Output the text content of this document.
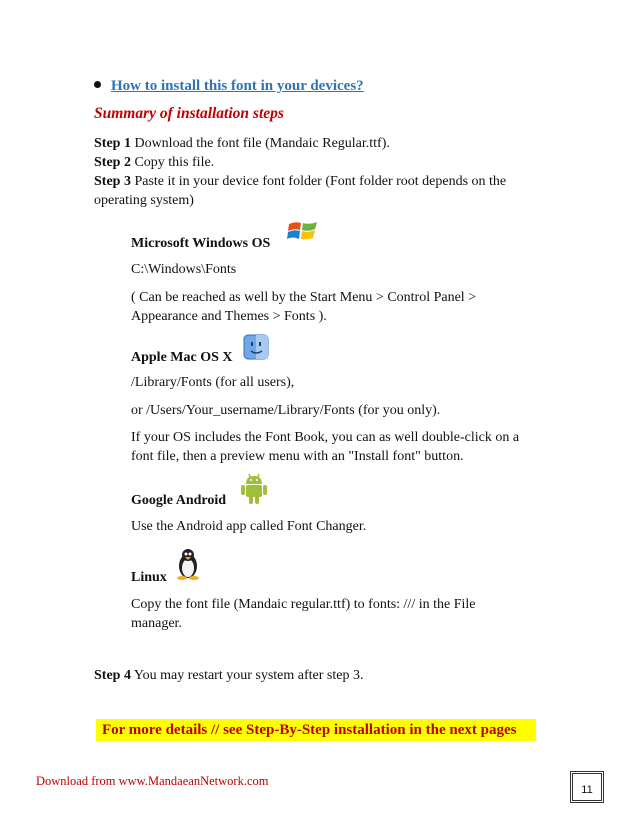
How to install this font in your devices?
Summary of installation steps
Step 1 Download the font file (Mandaic Regular.ttf).
Step 2 Copy this file.
Step 3 Paste it in your device font folder (Font folder root depends on the
operating system)
Microsoft Windows OS
C:\Windows\Fonts
( Can be reached as well by the Start Menu > Control Panel >
Appearance and Themes > Fonts ).
Apple Mac OS X
/Library/Fonts (for all users),
or /Users/Your_username/Library/Fonts (for you only).
If your OS includes the Font Book, you can as well double-click on a
font file, then a preview menu with an "Install font" button.
Google Android
Use the Android app called Font Changer.
Linux
Copy the font file (Mandaic regular.ttf) to fonts: /// in the File
manager.
Step 4 You may restart your system after step 3.
For more details // see Step-By-Step installation in the next pages
Download from www.MandaeanNetwork.com
11
